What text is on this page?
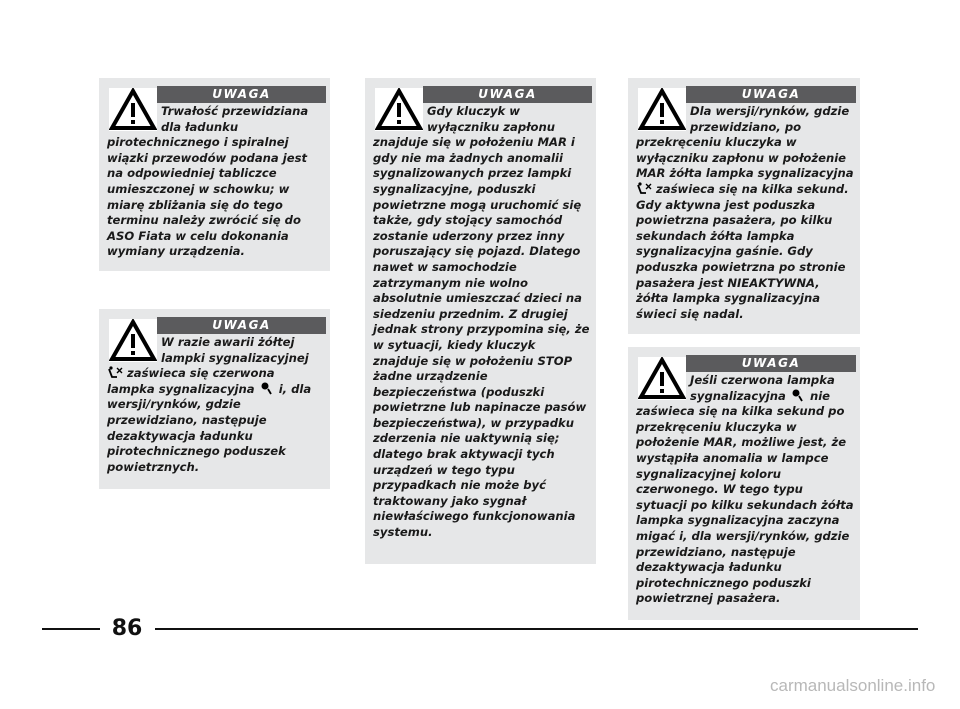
UWAGA
Trwałość przewidziana dla ładunku
pirotechnicznego i spiralnej wiązki przewodów podana jest na odpowiedniej tabliczce umieszczonej w schowku; w miarę zbliżania się do tego terminu należy zwrócić się do ASO Fiata w celu dokonania wymiany urządzenia.
UWAGA
W razie awarii żółtej lampki sygnalizacyjnej
zaświeca się czerwona lampka sygnalizacyjna i, dla wersji/rynków, gdzie przewidziano, następuje dezaktywacja ładunku pirotechnicznego poduszek powietrznych.
UWAGA
Gdy kluczyk w wyłączniku zapłonu
znajduje się w położeniu MAR i gdy nie ma żadnych anomalii sygnalizowanych przez lampki sygnalizacyjne, poduszki powietrzne mogą uruchomić się także, gdy stojący samochód zostanie uderzony przez inny poruszający się pojazd. Dlatego nawet w samochodzie zatrzymanym nie wolno absolutnie umieszczać dzieci na siedzeniu przednim. Z drugiej jednak strony przypomina się, że w sytuacji, kiedy kluczyk znajduje się w położeniu STOP żadne urządzenie bezpieczeństwa (poduszki powietrzne lub napinacze pasów bezpieczeństwa), w przypadku zderzenia nie uaktywnią się; dlatego brak aktywacji tych urządzeń w tego typu przypadkach nie może być traktowany jako sygnał niewłaściwego funkcjonowania systemu.
UWAGA
Dla wersji/rynków, gdzie przewidziano, po
przekręceniu kluczyka w wyłączniku zapłonu w położenie MAR żółta lampka sygnalizacyjna  zaświeca się na kilka sekund. Gdy aktywna jest poduszka powietrzna pasażera, po kilku sekundach żółta lampka sygnalizacyjna gaśnie. Gdy poduszka powietrzna po stronie pasażera jest NIEAKTYWNA, żółta lampka sygnalizacyjna świeci się nadal.
UWAGA
Jeśli czerwona lampka sygnalizacyjna nie
zaświeca się na kilka sekund po przekręceniu kluczyka w położenie MAR, możliwe jest, że wystąpiła anomalia w lampce sygnalizacyjnej koloru czerwonego. W tego typu sytuacji po kilku sekundach żółta lampka sygnalizacyjna zaczyna migać i, dla wersji/rynków, gdzie przewidziano, następuje dezaktywacja ładunku pirotechnicznego poduszki powietrznej pasażera.
86
carmanualsonline.info
